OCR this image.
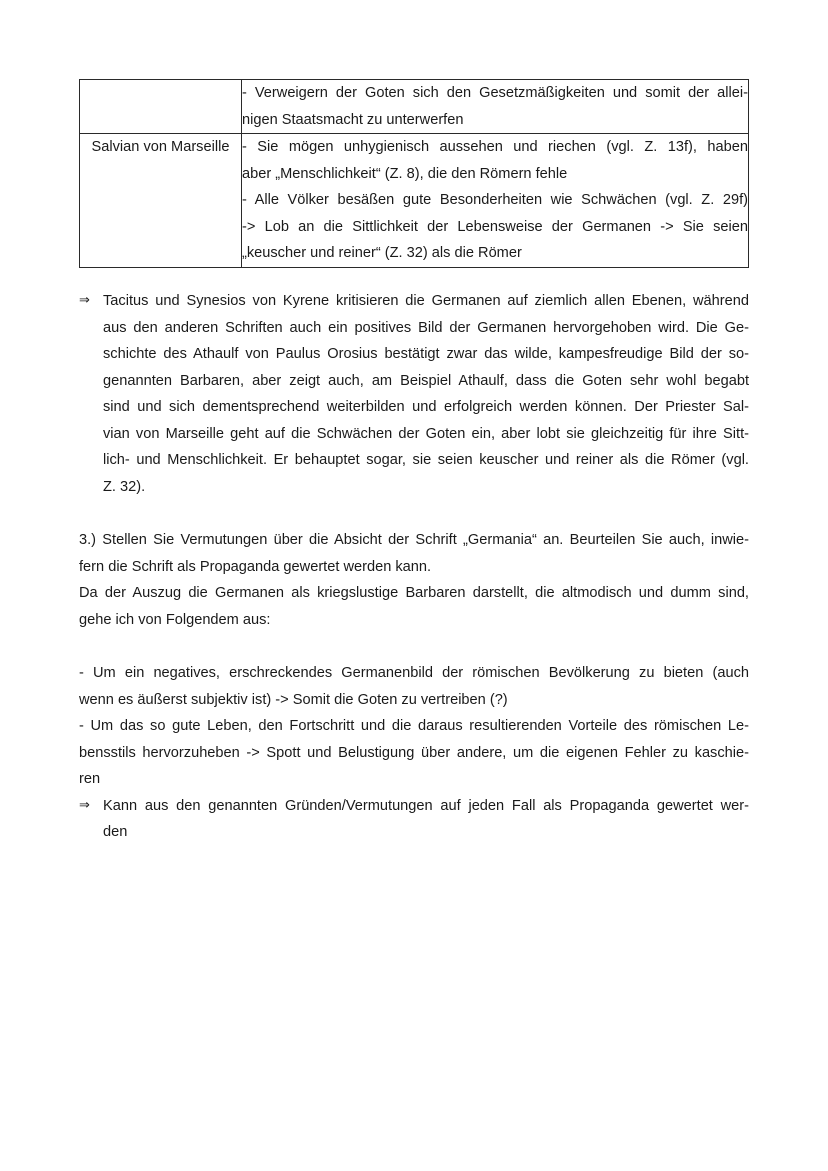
	- Verweigern der Goten sich den Gesetzmäßigkeiten und somit der allei-
nigen Staatsmacht zu unterwerfen

Salvian von Marseille	- Sie mögen unhygienisch aussehen und riechen (vgl. Z. 13f), haben
aber „Menschlichkeit“ (Z. 8), die den Römern fehle
- Alle Völker besäßen gute Besonderheiten wie Schwächen (vgl. Z. 29f)
-> Lob an die Sittlichkeit der Lebensweise der Germanen -> Sie seien
„keuscher und reiner“ (Z. 32) als die Römer
⇒ Tacitus und Synesios von Kyrene kritisieren die Germanen auf ziemlich allen Ebenen, während
aus den anderen Schriften auch ein positives Bild der Germanen hervorgehoben wird. Die Ge-
schichte des Athaulf von Paulus Orosius bestätigt zwar das wilde, kampesfreudige Bild der so-
genannten Barbaren, aber zeigt auch, am Beispiel Athaulf, dass die Goten sehr wohl begabt
sind und sich dementsprechend weiterbilden und erfolgreich werden können. Der Priester Sal-
vian von Marseille geht auf die Schwächen der Goten ein, aber lobt sie gleichzeitig für ihre Sitt-
lich- und Menschlichkeit. Er behauptet sogar, sie seien keuscher und reiner als die Römer (vgl.
Z. 32).
3.) Stellen Sie Vermutungen über die Absicht der Schrift „Germania“ an. Beurteilen Sie auch, inwie-
fern die Schrift als Propaganda gewertet werden kann.
Da der Auszug die Germanen als kriegslustige Barbaren darstellt, die altmodisch und dumm sind,
gehe ich von Folgendem aus:
- Um ein negatives, erschreckendes Germanenbild der römischen Bevölkerung zu bieten (auch
wenn es äußerst subjektiv ist) -> Somit die Goten zu vertreiben (?)
- Um das so gute Leben, den Fortschritt und die daraus resultierenden Vorteile des römischen Le-
bensstils hervorzuheben -> Spott und Belustigung über andere, um die eigenen Fehler zu kaschie-
ren
⇒ Kann aus den genannten Gründen/Vermutungen auf jeden Fall als Propaganda gewertet wer-
den
